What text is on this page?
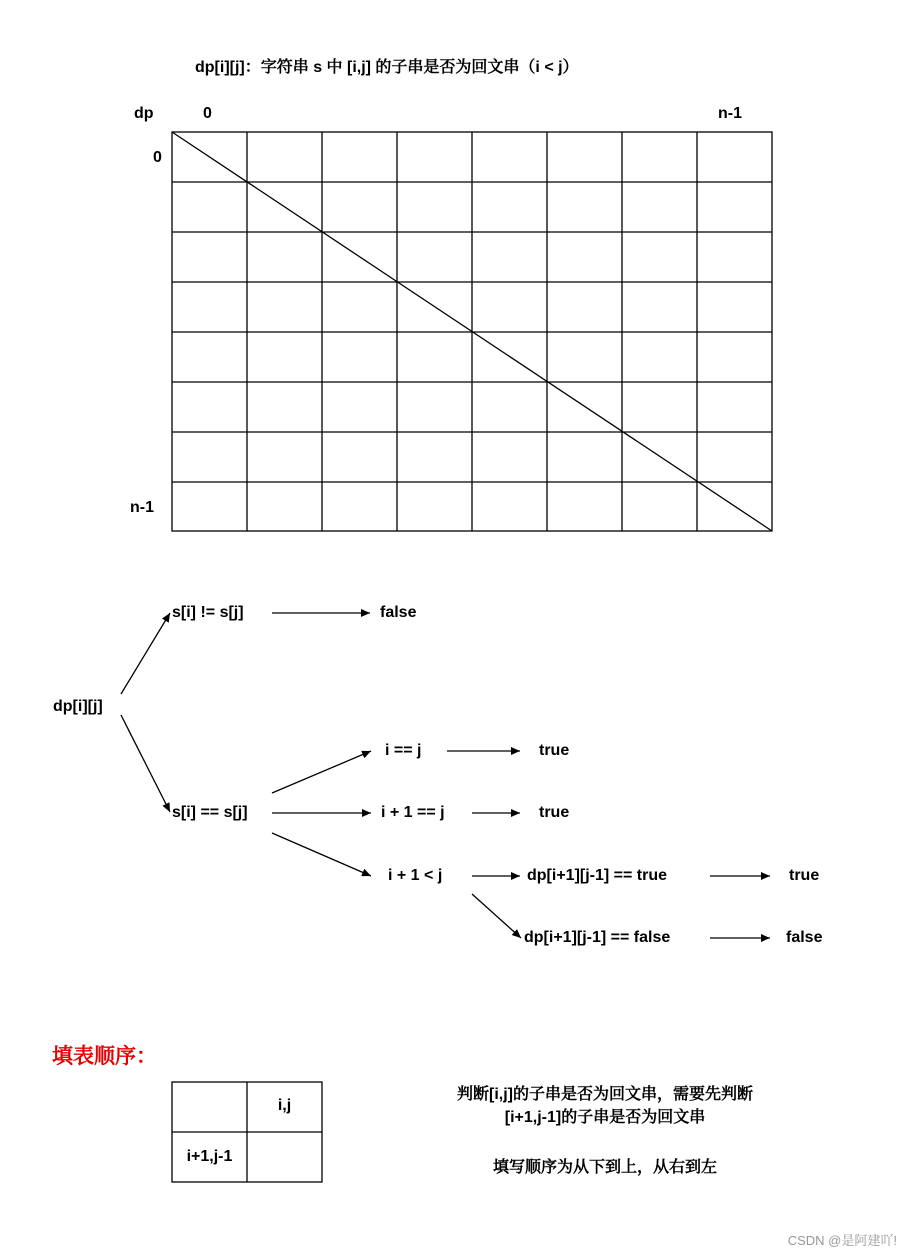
dp[i][j]：字符串 s 中 [i,j] 的子串是否为回文串（i < j）
dp	0	n-1
0
n-1
dp[i][j]
s[i] != s[j]	false
s[i] == s[j]
i == j	true
i + 1 == j	true
i + 1 < j	dp[i+1][j-1] == true	true
dp[i+1][j-1] == false	false
填表顺序：
i,j
i+1,j-1
判断[i,j]的子串是否为回文串，需要先判断
[i+1,j-1]的子串是否为回文串
填写顺序为从下到上，从右到左
CSDN @是阿建吖!
